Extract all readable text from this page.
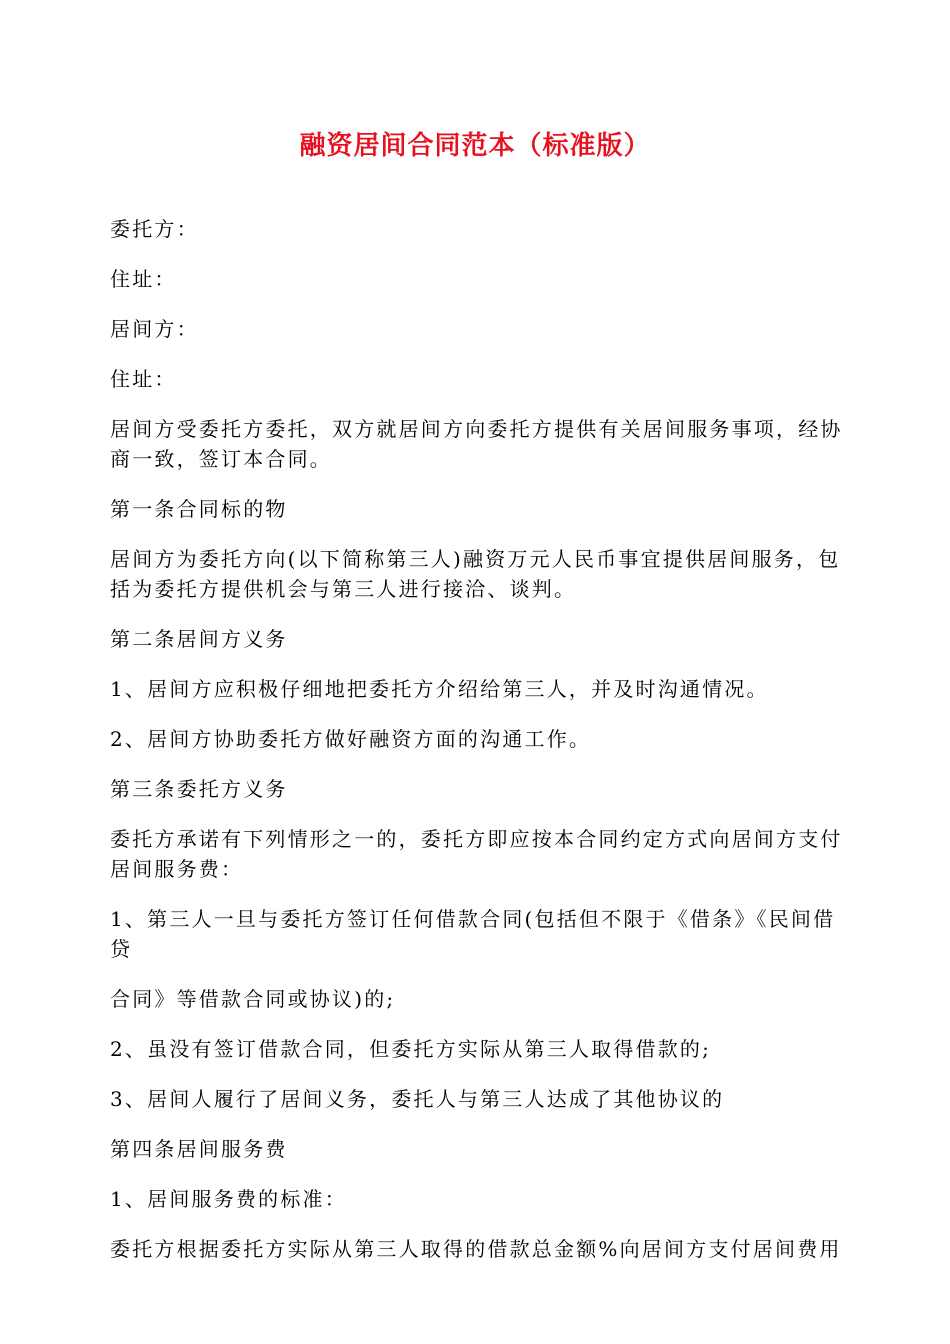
融资居间合同范本（标准版）

委托方：

住址：

居间方：

住址：

居间方受委托方委托，双方就居间方向委托方提供有关居间服务事项，经协商一致，签订本合同。

第一条合同标的物

居间方为委托方向(以下简称第三人)融资万元人民币事宜提供居间服务，包括为委托方提供机会与第三人进行接洽、谈判。

第二条居间方义务

1、居间方应积极仔细地把委托方介绍给第三人，并及时沟通情况。

2、居间方协助委托方做好融资方面的沟通工作。

第三条委托方义务

委托方承诺有下列情形之一的，委托方即应按本合同约定方式向居间方支付居间服务费：

1、第三人一旦与委托方签订任何借款合同(包括但不限于《借条》《民间借贷

合同》等借款合同或协议)的;

2、虽没有签订借款合同，但委托方实际从第三人取得借款的;

3、居间人履行了居间义务，委托人与第三人达成了其他协议的

第四条居间服务费

1、居间服务费的标准：

委托方根据委托方实际从第三人取得的借款总金额%向居间方支付居间费用
